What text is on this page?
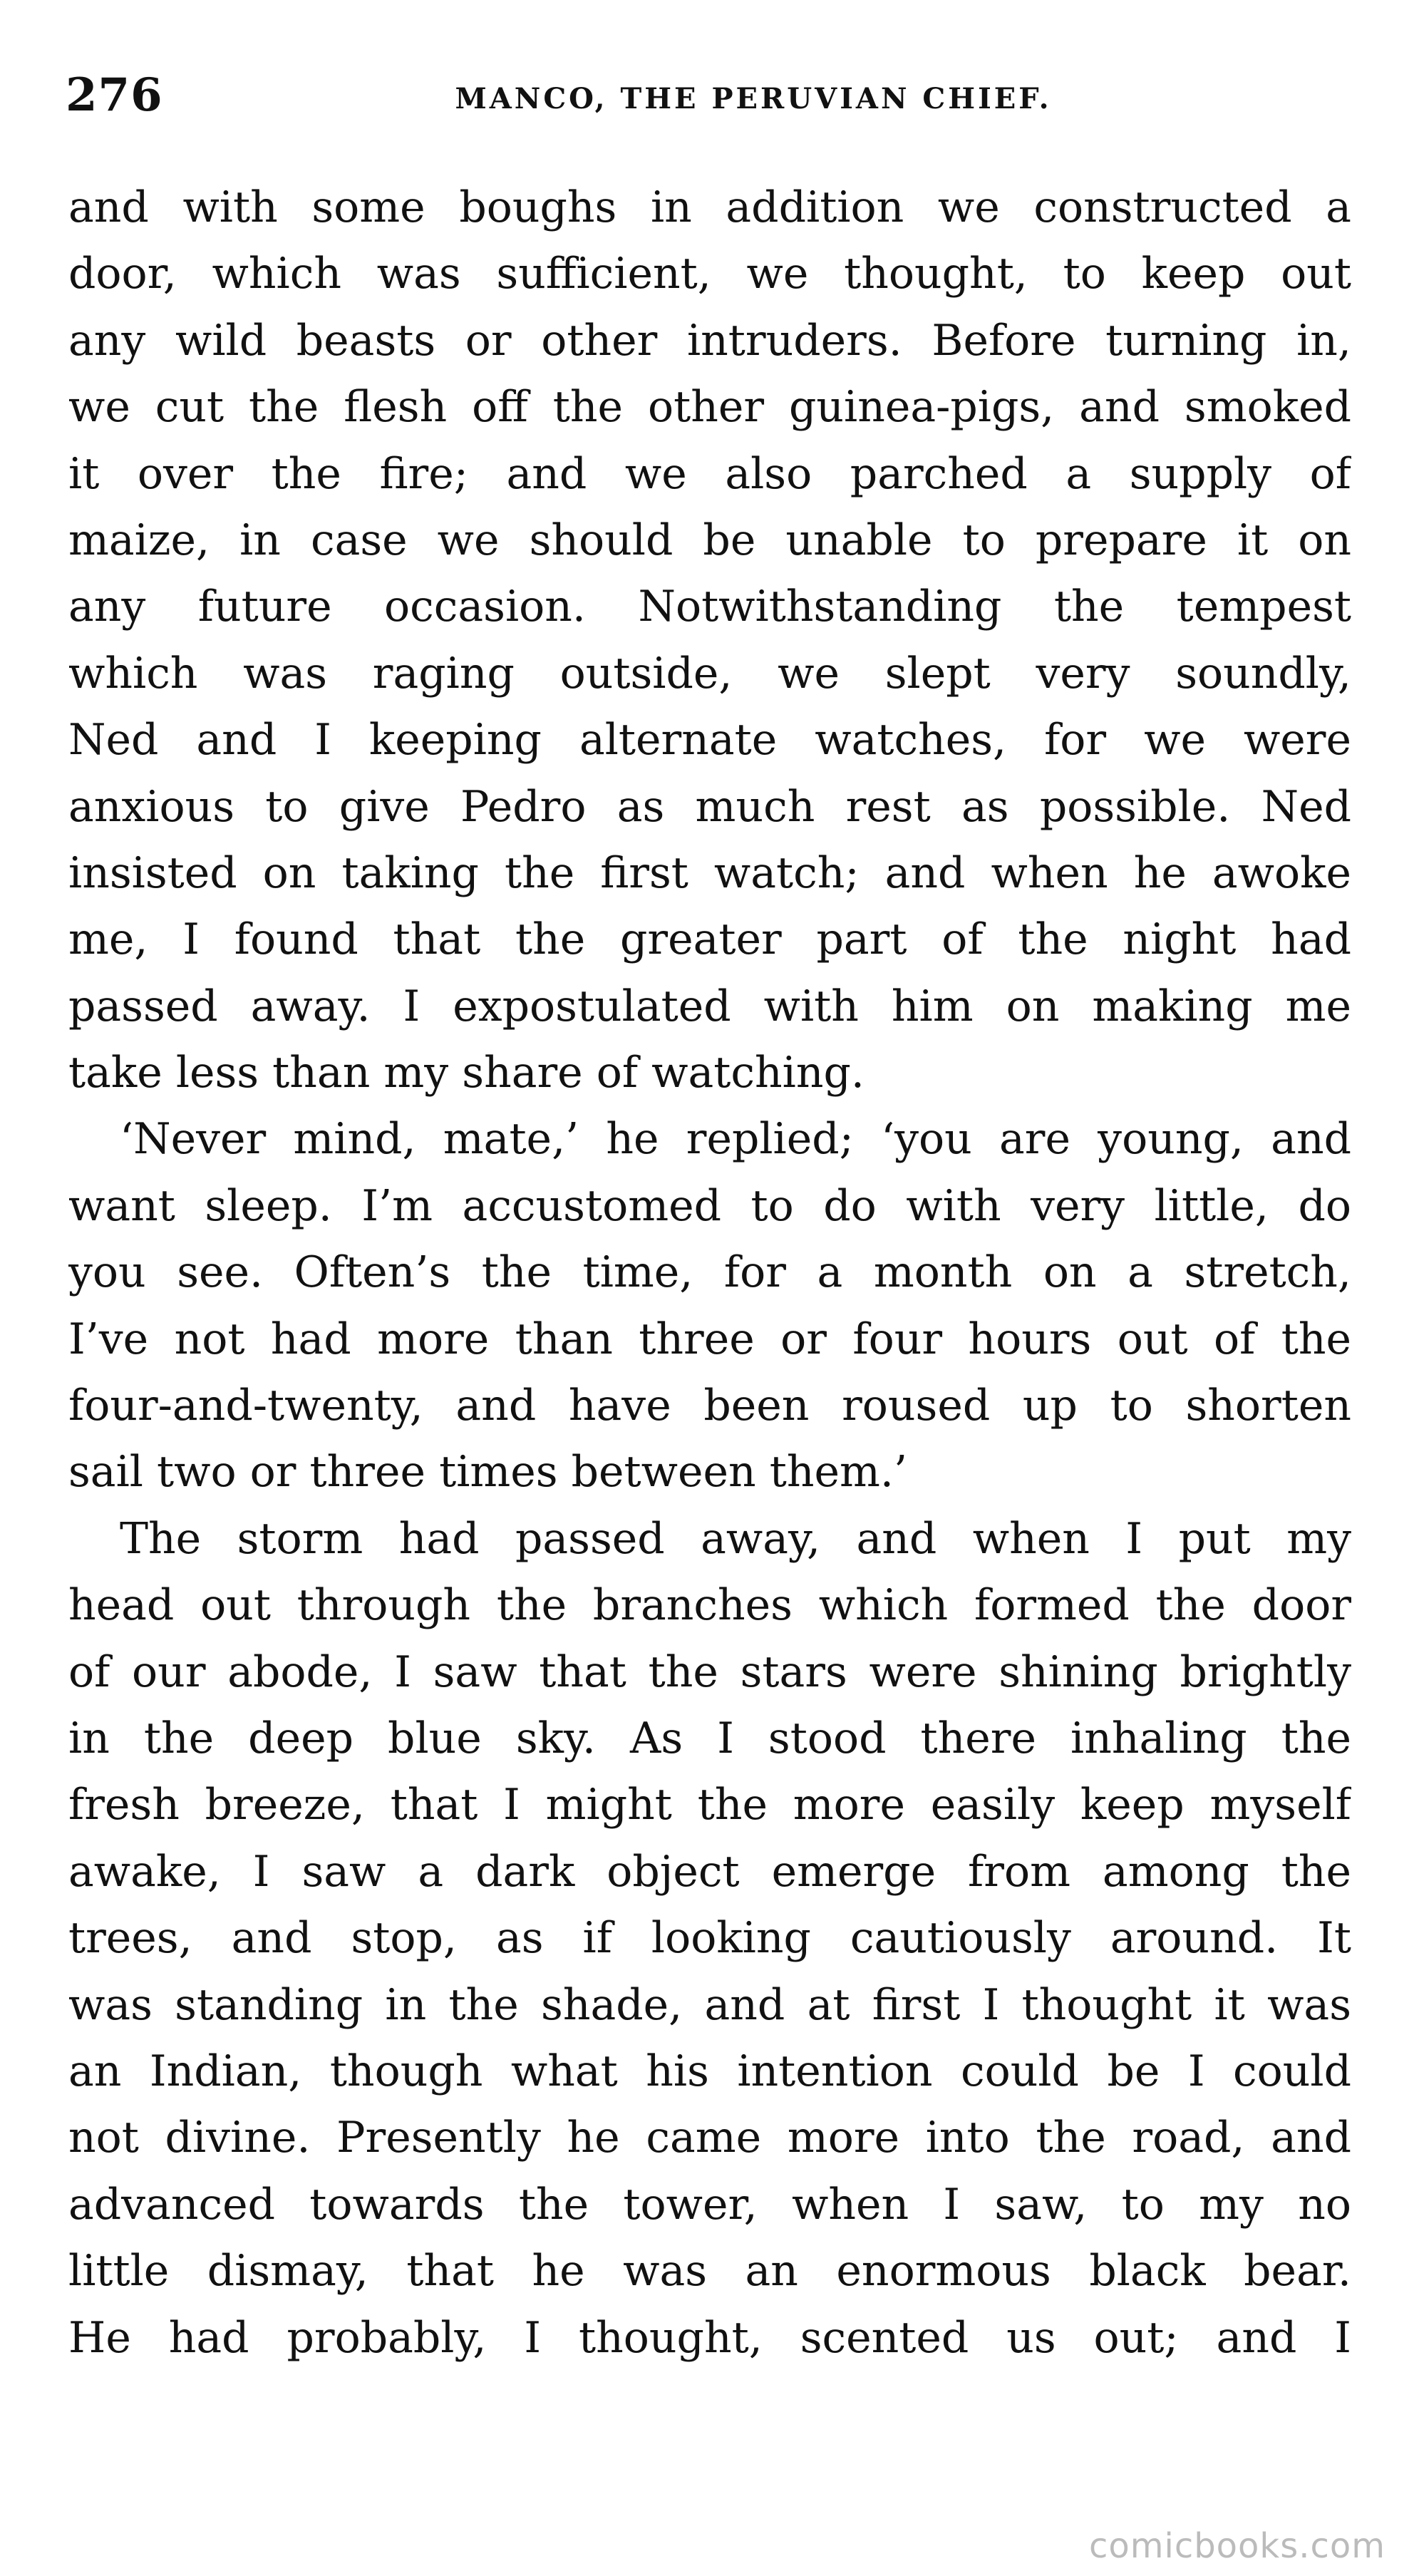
276	MANCO, THE PERUVIAN CHIEF.
and with some boughs in addition we constructed a
door, which was sufficient, we thought, to keep out
any wild beasts or other intruders. Before turning in,
we cut the flesh off the other guinea-pigs, and smoked
it over the fire; and we also parched a supply of
maize, in case we should be unable to prepare it on
any future occasion. Notwithstanding the tempest
which was raging outside, we slept very soundly,
Ned and I keeping alternate watches, for we were
anxious to give Pedro as much rest as possible. Ned
insisted on taking the first watch; and when he awoke
me, I found that the greater part of the night had
passed away. I expostulated with him on making me
take less than my share of watching.
‘Never mind, mate,’ he replied; ‘you are young, and
want sleep. I’m accustomed to do with very little, do
you see. Often’s the time, for a month on a stretch,
I’ve not had more than three or four hours out of the
four-and-twenty, and have been roused up to shorten
sail two or three times between them.’
The storm had passed away, and when I put my
head out through the branches which formed the door
of our abode, I saw that the stars were shining brightly
in the deep blue sky. As I stood there inhaling the
fresh breeze, that I might the more easily keep myself
awake, I saw a dark object emerge from among the
trees, and stop, as if looking cautiously around. It
was standing in the shade, and at first I thought it was
an Indian, though what his intention could be I could
not divine. Presently he came more into the road, and
advanced towards the tower, when I saw, to my no
little dismay, that he was an enormous black bear.
He had probably, I thought, scented us out; and I
comicbooks.com
